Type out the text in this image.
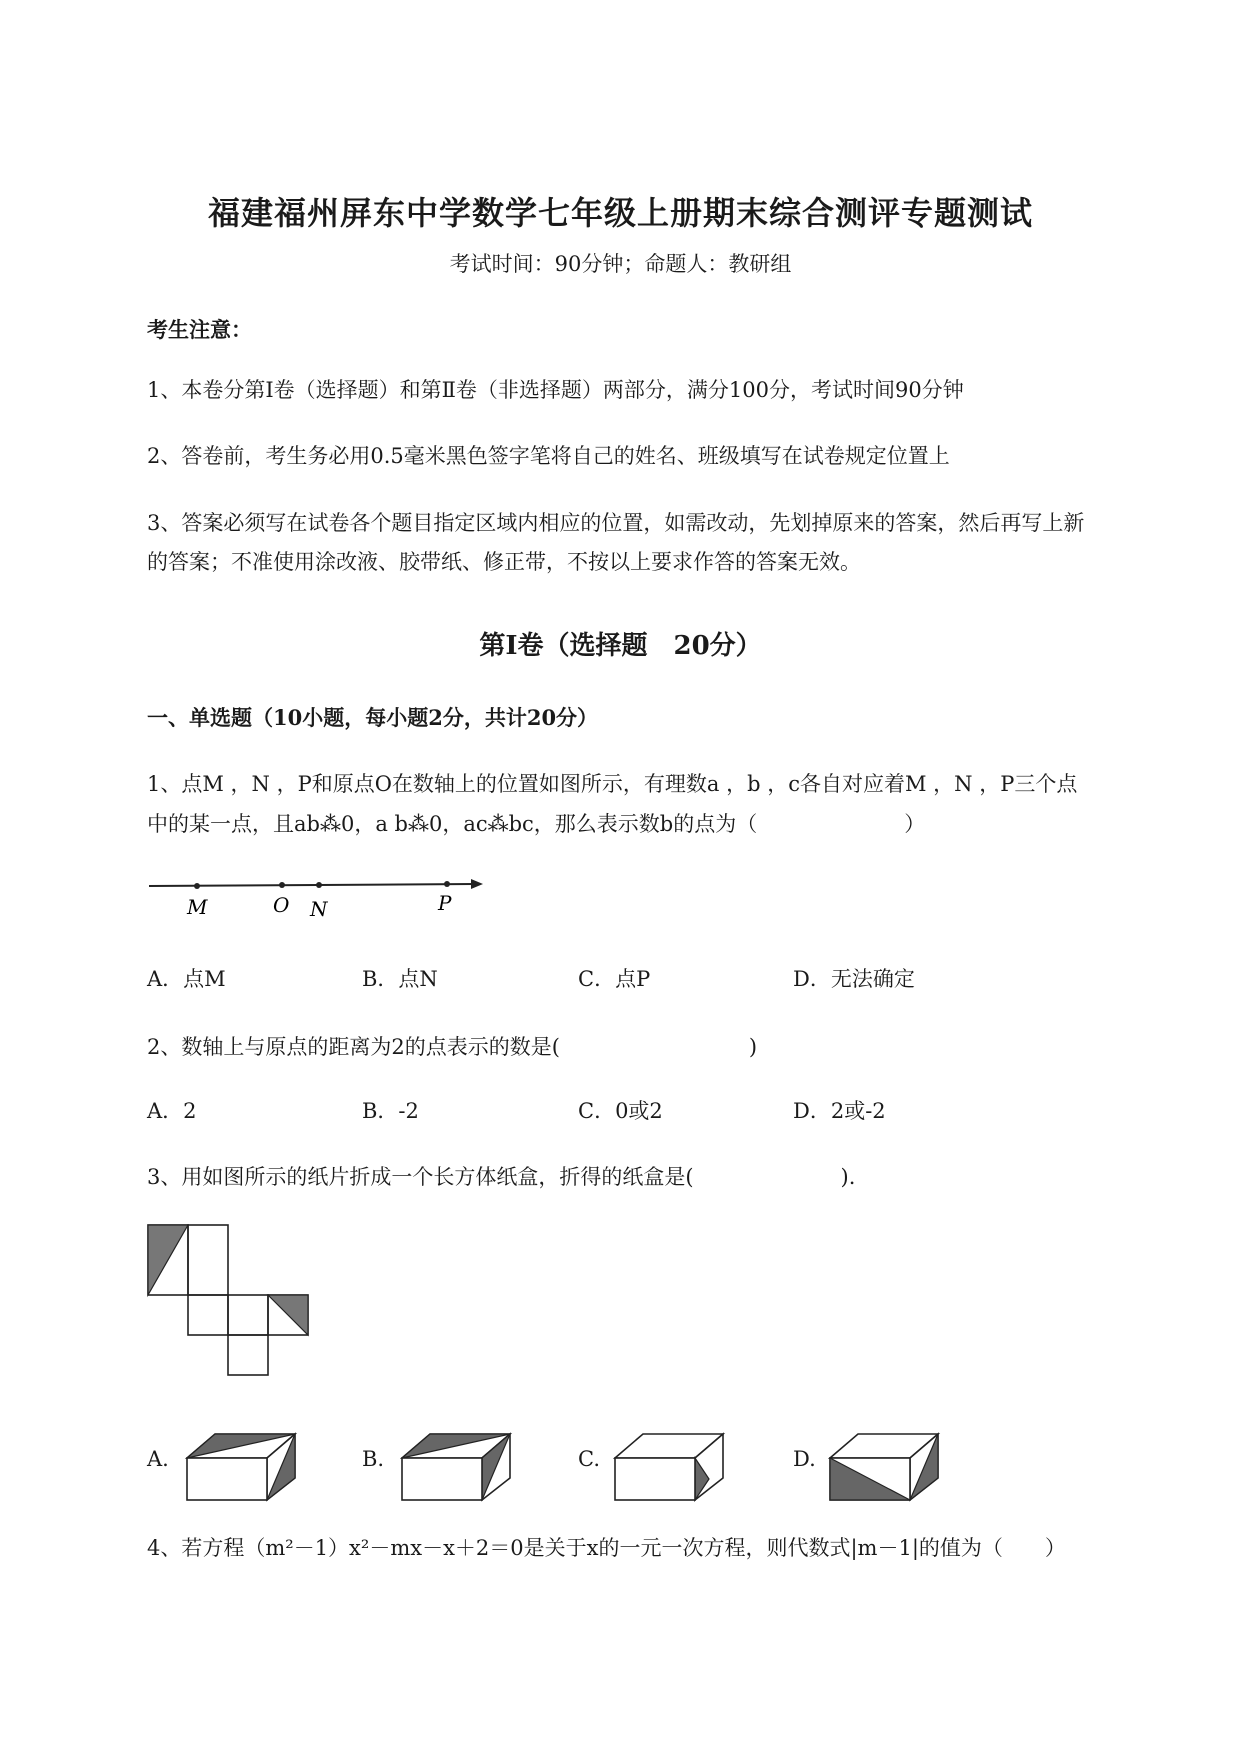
福建福州屏东中学数学七年级上册期末综合测评专题测试
考试时间：90分钟；命题人：教研组
考生注意：
1、本卷分第I卷（选择题）和第Ⅱ卷（非选择题）两部分，满分100分，考试时间90分钟
2、答卷前，考生务必用0.5毫米黑色签字笔将自己的姓名、班级填写在试卷规定位置上
3、答案必须写在试卷各个题目指定区域内相应的位置，如需改动，先划掉原来的答案，然后再写上新
的答案；不准使用涂改液、胶带纸、修正带，不按以上要求作答的答案无效。
第I卷（选择题　20分）
一、单选题（10小题，每小题2分，共计20分）
1、点M ，N ，P和原点O在数轴上的位置如图所示，有理数a ，b ，c各自对应着M ，N ，P三个点
中的某一点，且ab⁂0，a b⁂0，ac⁂bc，那么表示数b的点为（　　　　　　　）
M	O N	P
A．点M	B．点N	C．点P	D．无法确定
2、数轴上与原点的距离为2的点表示的数是(　　　　　　　　　)
A．2	B．-2	C．0或2	D．2或-2
3、用如图所示的纸片折成一个长方体纸盒，折得的纸盒是(　　　　　　　).
A.	B.	C.	D.
4、若方程（m²－1）x²－mx－x＋2＝0是关于x的一元一次方程，则代数式|m－1|的值为（　　）
